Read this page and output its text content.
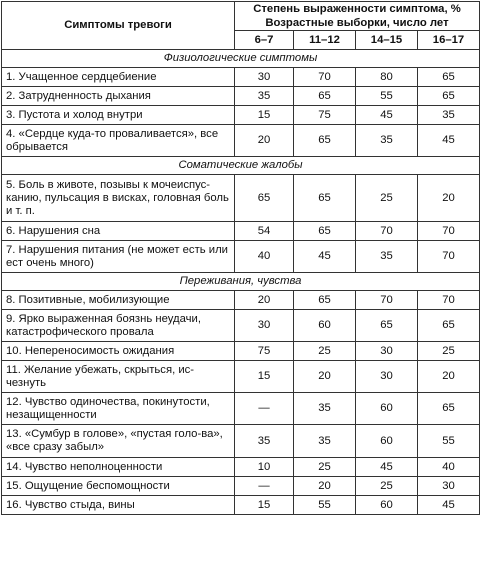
Симптомы тревоги	Степень выраженности симптома, %
Возрастные выборки, число лет			
	6–7	11–12	14–15	16–17
Физиологические симптомы				
1. Учащенное сердцебиение	30	70	80	65
2. Затрудненность дыхания	35	65	55	65
3. Пустота и холод внутри	15	75	45	35
4. «Сердце куда-то проваливается», все обрывается	20	65	35	45
Соматические жалобы				
5. Боль в животе, позывы к мочеиспус-канию, пульсация в висках, головная боль и т. п.	65	65	25	20
6. Нарушения сна	54	65	70	70
7. Нарушения питания (не может есть или ест очень много)	40	45	35	70
Переживания, чувства				
8. Позитивные, мобилизующие	20	65	70	70
9. Ярко выраженная боязнь неудачи, катастрофического провала	30	60	65	65
10. Непереносимость ожидания	75	25	30	25
11. Желание убежать, скрыться, ис-чезнуть	15	20	30	20
12. Чувство одиночества, покинутости, незащищенности	—	35	60	65
13. «Сумбур в голове», «пустая голо-ва», «все сразу забыл»	35	35	60	55
14. Чувство неполноценности	10	25	45	40
15. Ощущение беспомощности	—	20	25	30
16. Чувство стыда, вины	15	55	60	45
